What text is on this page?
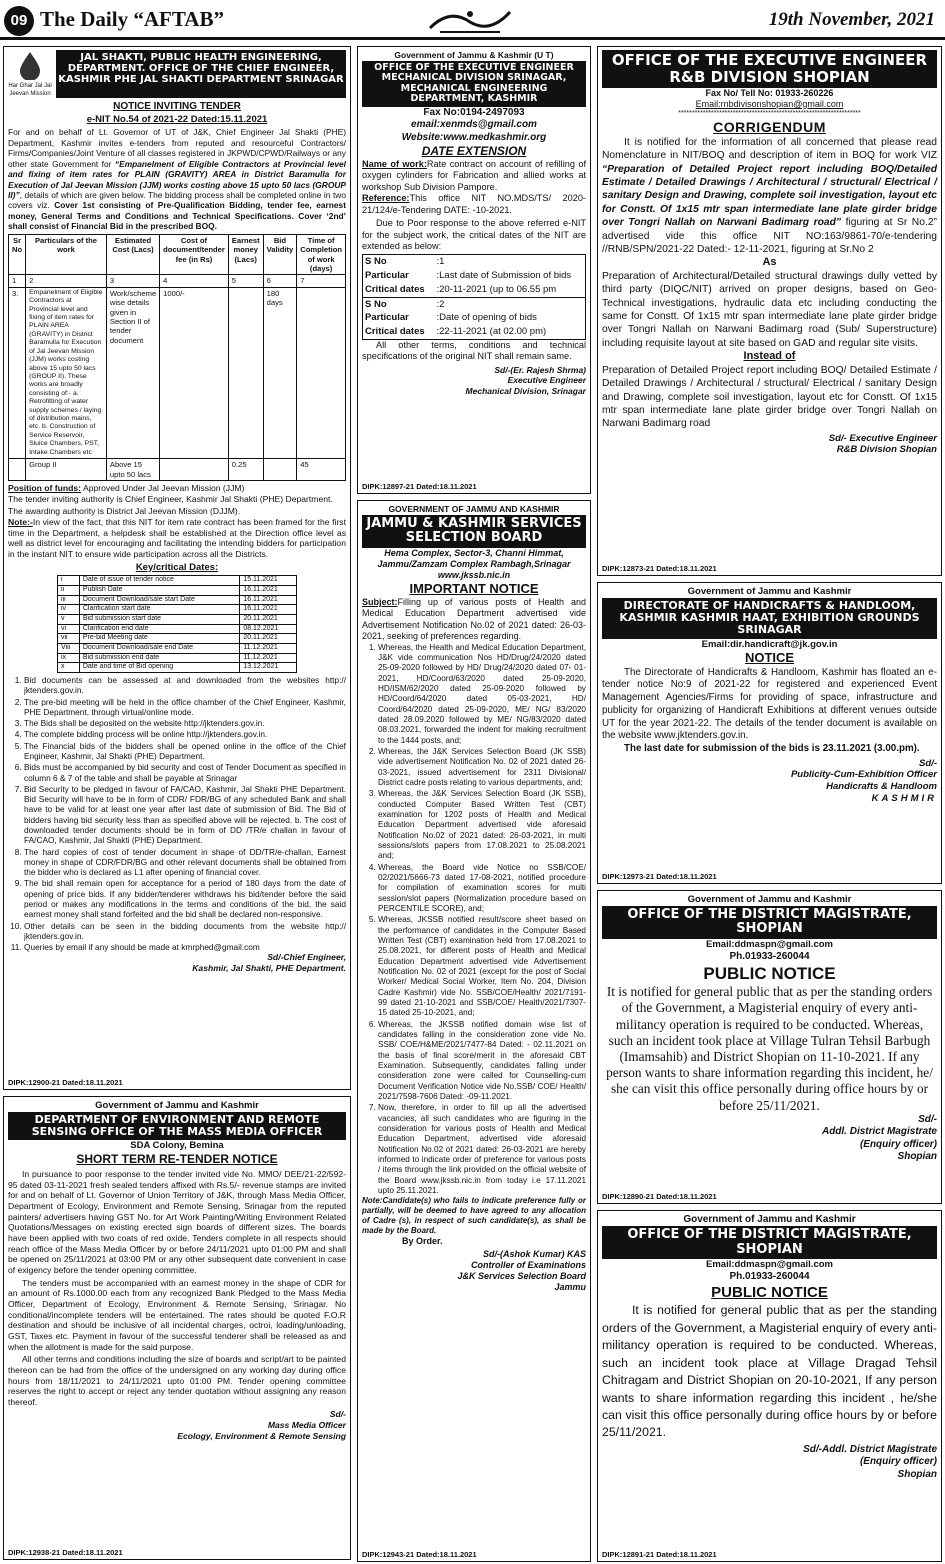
09 The Daily “AFTAB”	19th November, 2021
Har Ghar Jal Jal Jeevan Mission
JAL SHAKTI, PUBLIC HEALTH ENGINEERING, DEPARTMENT. OFFICE OF THE CHIEF ENGINEER, KASHMIR PHE JAL SHAKTI DEPARTMENT SRINAGAR
NOTICE INVITING TENDER
e-NIT No.54 of 2021-22 Dated:15.11.2021
For and on behalf of Lt. Governor of UT of J&K, Chief Engineer Jal Shakti (PHE) Department, Kashmir invites e-tenders from reputed and resourceful Contractors/ Firms/Companies/Joint Venture of all classes registered in JKPWD/CPWD/Railways or any other state Government for “Empanelment of Eligible Contractors at Provincial level and fixing of item rates for PLAIN (GRAVITY) AREA in District Baramulla for Execution of Jal Jeevan Mission (JJM) works costing above 15 upto 50 lacs (GROUP II)”, details of which are given below. The bidding process shall be completed online in two covers viz. Cover 1st consisting of Pre-Qualification Bidding, tender fee, earnest money, General Terms and Conditions and Technical Specifications. Cover ‘2nd’ shall consist of Financial Bid in the prescribed BOQ.
Sr No	Particulars of the work	Estimated Cost (Lacs)	Cost of document/tender fee (in Rs)	Earnest money (Lacs)	Bid Validity	Time of Completion of work (days)
1	2	3	4	5	6	7
3.	Empanelment of Eligible Contractors at Provincial level and fixing of item rates for PLAIN AREA (GRAVITY) in District Baramulla for Execution of Jal Jeevan Mission (JJM) works costing above 15 upto 50 lacs (GROUP II). These works are broadly consisting of:- a. Retrofitting of water supply schemes / laying of distribution mains, etc. b. Construction of Service Reservoir, Sluice Chambers, PST, Intake Chambers etc	Work/scheme wise details given in Section II of tender document	1000/-		180 days	
	Group II	Above 15 upto 50 lacs		0.25		45
Position of funds: Approved Under Jal Jeevan Mission (JJM)
The tender inviting authority is Chief Engineer, Kashmir Jal Shakti (PHE) Department.
The awarding authority is District Jal Jeevan Mission (DJJM).
Note:-In view of the fact, that this NIT for item rate contract has been framed for the first time in the Department, a helpdesk shall be established at the Direction office level as well as district level for encouraging and facilitating the intending bidders for participation in the instant NIT to ensure wide participation across all the Districts.
Key/critical Dates:
i	Date of issue of tender notice	15.11.2021
ii	Publish Date	16.11.2021
iii	Document Download/sale start Date	16.11.2021
iv	Clarification start date	16.11.2021
v	Bid submission start date	20.11.2021
vi	Clarification end date	08.12.2021
vii	Pre-bid Meeting date	20.11.2021
Viii	Document Download/sale end Date	11.12.2021
ix	Bid submission end date	11.12.2021
x	Date and time of Bid opening	13.12.2021
1. Bid documents can be assessed at and downloaded from the websites http:// jktenders.gov.in.
2. The pre-bid meeting will be held in the office chamber of the Chief Engineer, Kashmir, PHE Department, through virtual/online mode.
3. The Bids shall be deposited on the website http://jktenders.gov.in.
4. The complete bidding process will be online http://jktenders.gov.in.
5. The Financial bids of the bidders shall be opened online in the office of the Chief Engineer, Kashmir, Jal Shakti (PHE) Department.
6. Bids must be accompanied by bid security and cost of Tender Document as specified in column 6 & 7 of the table and shall be payable at Srinagar
7. Bid Security to be pledged in favour of FA/CAO, Kashmir, Jal Shakti PHE Department. Bid Security will have to be in form of CDR/ FDR/BG of any scheduled Bank and shall have to be valid for at least one year after last date of submission of Bid. The Bid of bidders having bid security less than as specified above will be rejected. b. The cost of downloaded tender documents should be in form of DD /TR/e challan in favour of FA/CAO, Kashmir, Jal Shakti (PHE) Department.
8. The hard copies of cost of tender document in shape of DD/TR/e-challan, Earnest money in shape of CDR/FDR/BG and other relevant documents shall be obtained from the bidder who is declared as L1 after opening of financial cover.
9. The bid shall remain open for acceptance for a period of 180 days from the date of opening of price bids. If any bidder/tenderer withdraws his bid/tender before the said period or makes any modifications in the terms and conditions of the bid, the said earnest money shall stand forfeited and the bid shall be declared non-responsive.
10. Other details can be seen in the bidding documents from the website http:// jktenders.gov.in.
11. Queries by email if any should be made at kmrphed@gmail.com
Sd/-Chief Engineer,
Kashmir, Jal Shakti, PHE Department.
DIPK:12900-21 Dated:18.11.2021
Government of Jammu and Kashmir
DEPARTMENT OF ENVIRONMENT AND REMOTE SENSING OFFICE OF THE MASS MEDIA OFFICER
SDA Colony, Bemina
SHORT TERM RE-TENDER NOTICE
In pursuance to poor response to the tender invited vide No. MMO/ DEE/21-22/592-95 dated 03-11-2021 fresh sealed tenders affixed with Rs.5/- revenue stamps are invited for and on behalf of Lt. Governor of Union Territory of J&K, through Mass Media Officer, Department of Ecology, Environment and Remote Sensing, Srinagar from the reputed painters/ advertisers having GST No. for Art Work Painting/Writing Environment Related Quotations/Messages on existing erected sign boards of different sizes. The boards have been applied with two coats of red oxide. Tenders complete in all respects should reach office of the Mass Media Officer by or before 24/11/2021 upto 01:00 PM and shall be opened on 25/11/2021 at 03:00 PM or any other subsequent date convenient in case of exigency before the tender opening committee.
The tenders must be accompanied with an earnest money in the shape of CDR for an amount of Rs.1000.00 each from any recognized Bank Pledged to the Mass Media Officer, Department of Ecology, Environment & Remote Sensing, Srinagar. No conditional/incomplete tenders will be entertained. The rates should be quoted F.O.R destination and should be inclusive of all incidental charges, octroi, loading/unloading, GST, Taxes etc. Payment in favour of the successful tenderer shall be released as and when the allotment is made for the said purpose.
All other terms and conditions including the size of boards and script/art to be painted thereon can be had from the office of the undersigned on any working day during office hours from 18/11/2021 to 24/11/2021 upto 01:00 PM. Tender opening committee reserves the right to accept or reject any tender quotation without assigning any reason thereof.
Sd/-
Mass Media Officer
Ecology, Environment & Remote Sensing
DIPK:12938-21 Dated:18.11.2021
Government of Jammu & Kashmir (U T)
OFFICE OF THE EXECUTIVE ENGINEER MECHANICAL DIVISION SRINAGAR, MECHANICAL ENGINEERING DEPARTMENT, KASHMIR
Fax No:0194-2497093
email:xenmds@gmail.com
Website:www.medkashmir.org
DATE EXTENSION
Name of work:Rate contract on account of refilling of oxygen cylinders for Fabrication and allied works at workshop Sub Division Pampore.
Reference:This office NIT NO.MDS/TS/ 2020-21/124/e-Tendering DATE: -10-2021.
Due to Poor response to the above referred e-NIT for the subject work, the critical dates of the NIT are extended as below:
S No	:1
Particular	:Last date of Submission of bids
Critical dates	:20-11-2021 (up to 06.55 pm
S No	:2
Particular	:Date of opening of bids
Critical dates	:22-11-2021 (at 02.00 pm)
All other terms, conditions and technical specifications of the original NIT shall remain same.
Sd/-(Er. Rajesh Shrma)
Executive Engineer
Mechanical Division, Srinagar
DIPK:12897-21 Dated:18.11.2021
GOVERNMENT OF JAMMU AND KASHMIR
JAMMU & KASHMIR SERVICES SELECTION BOARD
Hema Complex, Sector-3, Channi Himmat, Jammu/Zamzam Complex Rambagh,Srinagar
www.jkssb.nic.in
IMPORTANT NOTICE
Subject:Filling up of various posts of Health and Medical Education Department advertised vide Advertisement Notification No.02 of 2021 dated: 26-03-2021, seeking of preferences regarding.
1. Whereas, the Health and Medical Education Department, J&K vide communication Nos HD/Drug/24/2020 dated 25-09-2020 followed by HD/ Drug/24/2020 dated 07- 01-2021, HD/Coord/63/2020 dated 25-09-2020, HD/ISM/62/2020 dated 25-09-2020 followed by HD/Coord/64/2020 dated 05-03-2021, HD/ Coord/64/2020 dated 25-09-2020, ME/ NG/ 83/2020 dated 28.09.2020 followed by ME/ NG/83/2020 dated 08.03.2021, forwarded the indent for making recruitment to the 1444 posts, and;
2. Whereas, the J&K Services Selection Board (JK SSB) vide advertisement Notification No. 02 of 2021 dated 26-03-2021, issued advertisement for 2311 Divisional/ District cadre posts relating to various departments, and;
3. Whereas, the J&K Services Selection Board (JK SSB), conducted Computer Based Written Test (CBT) examination for 1202 posts of Health and Medical Education Department advertised vide aforesaid Notification No.02 of 2021 dated: 26-03-2021, in multi sessions/slots papers from 17.08.2021 to 25.08.2021 and;
4. Whereas, the Board vide Notice no SSB/COE/ 02/2021/5666-73 dated 17-08-2021, notified procedure for compilation of examination scores for multi session/slot papers (Normalization procedure based on PERCENTILE SCORE), and;
5. Whereas, JKSSB notified result/score sheet based on the performance of candidates in the Computer Based Written Test (CBT) examination held from 17.08.2021 to 25.08.2021, for different posts of Health and Medical Education Department advertised vide Advertisement Notification No. 02 of 2021 (except for the post of Social Worker/ Medical Social Worker, Item No. 204, Division Cadre Kashmir) vide No. SSB/COE/Health/ 2021/7191-99 dated 21-10-2021 and SSB/COE/ Health/2021/7307-15 dated 25-10-2021, and;
6. Whereas, the JKSSB notified domain wise list of candidates falling in the consideration zone vide No. SSB/ COE/H&ME/2021/7477-84 Dated: - 02.11.2021 on the basis of final score/merit in the aforesaid CBT Examination. Subsequently, candidates falling under consideration zone were called for Counselling-cum Document Verification Notice vide No.SSB/ COE/ Health/ 2021/7598-7606 Dated: -09-11.2021.
7. Now, therefore, in order to fill up all the advertised vacancies, all such candidates who are figuring in the consideration for various posts of Health and Medical Education Department, advertised vide aforesaid Notification No.02 of 2021 dated: 26-03-2021 are hereby informed to indicate order of preference for various posts / items through the link provided on the official website of the Board www.jkssb.nic.in from today i.e 17.11.2021 upto 25.11.2021.
Note:Candidate(s) who fails to indicate preference fully or partially, will be deemed to have agreed to any allocation of Cadre (s), in respect of such candidate(s), as shall be made by the Board.
By Order.
Sd/-(Ashok Kumar) KAS
Controller of Examinations
J&K Services Selection Board
Jammu
DIPK:12943-21 Dated:18.11.2021
OFFICE OF THE EXECUTIVE ENGINEER R&B DIVISION SHOPIAN
Fax No/ Tell No: 01933-260226
Email:rnbdivisonshopian@gmail.com
*******************************************************************
CORRIGENDUM
It is notified for the information of all concerned that please read Nomenclature in NIT/BOQ and description of item in BOQ for work VIZ “Preparation of Detailed Project report including BOQ/Detailed Estimate / Detailed Drawings / Architectural / structural/ Electrical / sanitary Design and Drawing, complete soil investigation, layout etc for Constt. Of 1x15 mtr span intermediate lane plate girder bridge over Tongri Nallah on Narwani Badimarg road” figuring at Sr No.2” advertised vide this office NIT NO:163/9861-70/e-tendering //RNB/SPN/2021-22 Dated:- 12-11-2021, figuring at Sr.No 2
As
Preparation of Architectural/Detailed structural drawings dully vetted by third party (DIQC/NIT) arrived on proper designs, based on Geo-Technical investigations, hydraulic data etc including conducting the same for Constt. Of 1x15 mtr span intermediate lane plate girder bridge over Tongri Nallah on Narwani Badimarg road (Sub/ Superstructure) including requisite layout at site based on GAD and regular site visits.
Instead of
Preparation of Detailed Project report including BOQ/ Detailed Estimate / Detailed Drawings / Architectural / structural/ Electrical / sanitary Design and Drawing, complete soil investigation, layout etc for Constt. Of 1x15 mtr span intermediate lane plate girder bridge over Tongri Nallah on Narwani Badimarg road
Sd/- Executive Engineer
R&B Division Shopian
DIPK:12873-21 Dated:18.11.2021
Government of Jammu and Kashmir
DIRECTORATE OF HANDICRAFTS & HANDLOOM, KASHMIR KASHMIR HAAT, EXHIBITION GROUNDS SRINAGAR
Email:dir.handicraft@jk.gov.in
NOTICE
The Directorate of Handicrafts & Handloom, Kashmir has floated an e-tender notice No:9 of 2021-22 for registered and experienced Event Management Agencies/Firms for providing of space, infrastructure and publicity for organizing of Handicraft Exhibitions at different venues outside UT for the year 2021-22. The details of the tender document is available on the website www.jktenders.gov.in.
The last date for submission of the bids is 23.11.2021 (3.00.pm).
Sd/-
Publicity-Cum-Exhibition Officer
Handicrafts & Handloom
KASHMIR
DIPK:12973-21 Dated:18.11.2021
Government of Jammu and Kashmir
OFFICE OF THE DISTRICT MAGISTRATE, SHOPIAN
Email:ddmaspn@gmail.com
Ph.01933-260044
PUBLIC NOTICE
It is notified for general public that as per the standing orders of the Government, a Magisterial enquiry of every anti-militancy operation is required to be conducted. Whereas, such an incident took place at Village Tulran Tehsil Barbugh (Imamsahib) and District Shopian on 11-10-2021. If any person wants to share information regarding this incident, he/ she can visit this office personally during office hours by or before 25/11/2021.
Sd/-
Addl. District Magistrate
(Enquiry officer)
Shopian
DIPK:12890-21 Dated:18.11.2021
Government of Jammu and Kashmir
OFFICE OF THE DISTRICT MAGISTRATE, SHOPIAN
Email:ddmaspn@gmail.com
Ph.01933-260044
PUBLIC NOTICE
It is notified for general public that as per the standing orders of the Government, a Magisterial enquiry of every anti-militancy operation is required to be conducted. Whereas, such an incident took place at Village Dragad Tehsil Chitragam and District Shopian on 20-10-2021, If any person wants to share information regarding this incident , he/she can visit this office personally during office hours by or before 25/11/2021.
Sd/-Addl. District Magistrate
(Enquiry officer)
Shopian
DIPK:12891-21 Dated:18.11.2021
